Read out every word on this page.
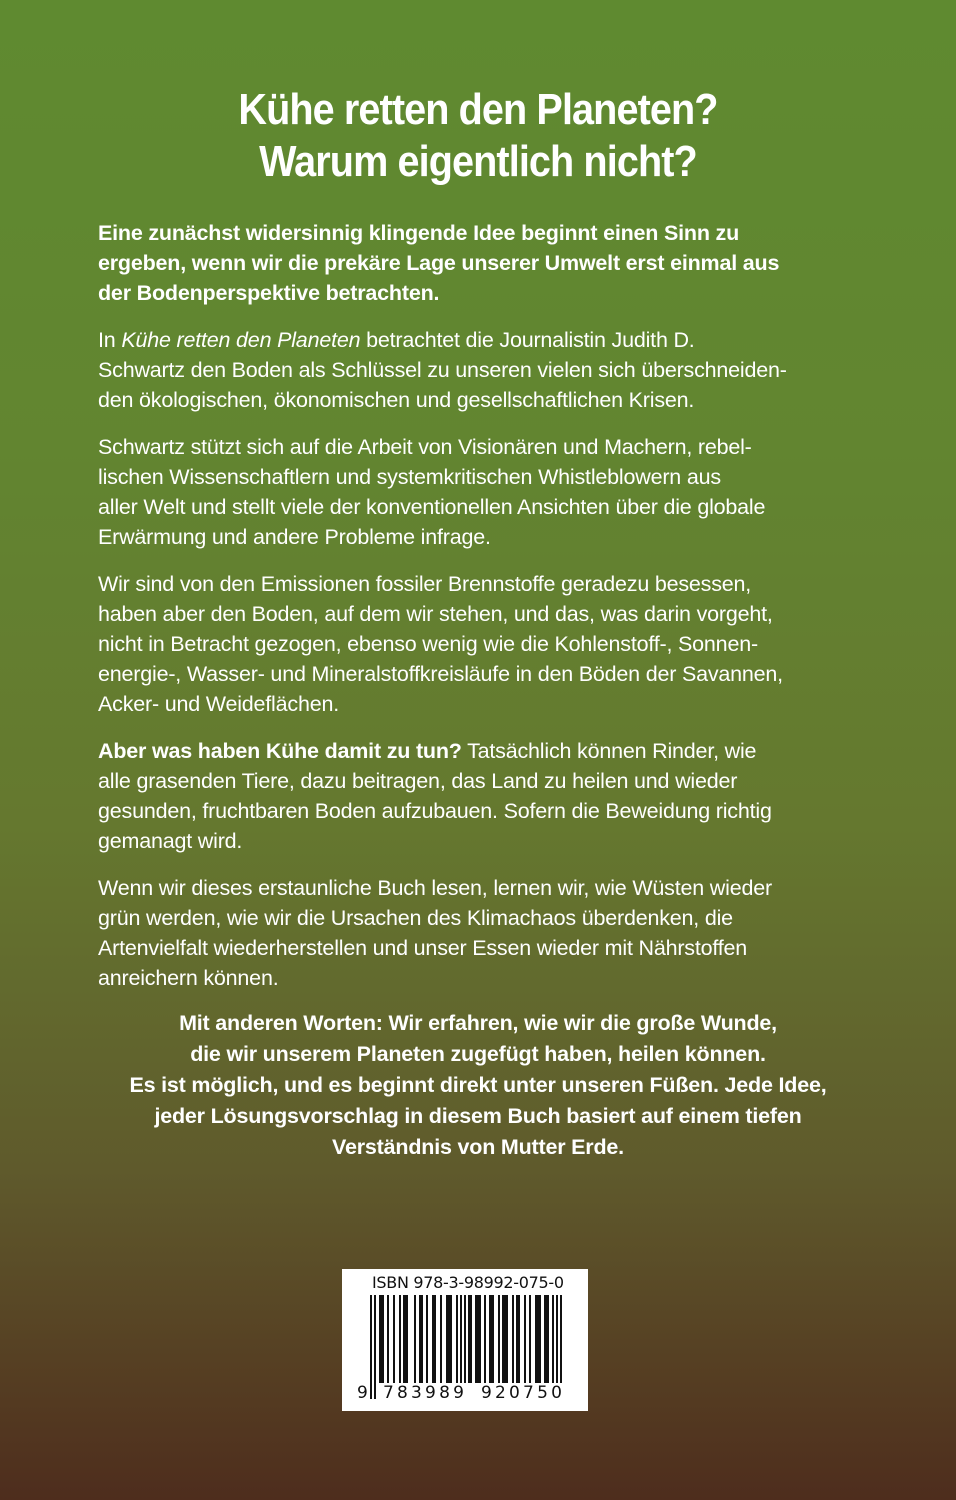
Kühe retten den Planeten?
Warum eigentlich nicht?
Eine zunächst widersinnig klingende Idee beginnt einen Sinn zu
ergeben, wenn wir die prekäre Lage unserer Umwelt erst einmal aus
der Bodenperspektive betrachten.
In Kühe retten den Planeten betrachtet die Journalistin Judith D.
Schwartz den Boden als Schlüssel zu unseren vielen sich überschneiden-
den ökologischen, ökonomischen und gesellschaftlichen Krisen.
Schwartz stützt sich auf die Arbeit von Visionären und Machern, rebel-
lischen Wissenschaftlern und systemkritischen Whistleblowern aus
aller Welt und stellt viele der konventionellen Ansichten über die globale
Erwärmung und andere Probleme infrage.
Wir sind von den Emissionen fossiler Brennstoffe geradezu besessen,
haben aber den Boden, auf dem wir stehen, und das, was darin vorgeht,
nicht in Betracht gezogen, ebenso wenig wie die Kohlenstoff-, Sonnen-
energie-, Wasser- und Mineralstoffkreisläufe in den Böden der Savannen,
Acker- und Weideflächen.
Aber was haben Kühe damit zu tun? Tatsächlich können Rinder, wie
alle grasenden Tiere, dazu beitragen, das Land zu heilen und wieder
gesunden, fruchtbaren Boden aufzubauen. Sofern die Beweidung richtig
gemanagt wird.
Wenn wir dieses erstaunliche Buch lesen, lernen wir, wie Wüsten wieder
grün werden, wie wir die Ursachen des Klimachaos überdenken, die
Artenvielfalt wiederherstellen und unser Essen wieder mit Nährstoffen
anreichern können.
Mit anderen Worten: Wir erfahren, wie wir die große Wunde,
die wir unserem Planeten zugefügt haben, heilen können.
Es ist möglich, und es beginnt direkt unter unseren Füßen. Jede Idee,
jeder Lösungsvorschlag in diesem Buch basiert auf einem tiefen
Verständnis von Mutter Erde.
ISBN 978-3-98992-075-0
9 783989 920750
